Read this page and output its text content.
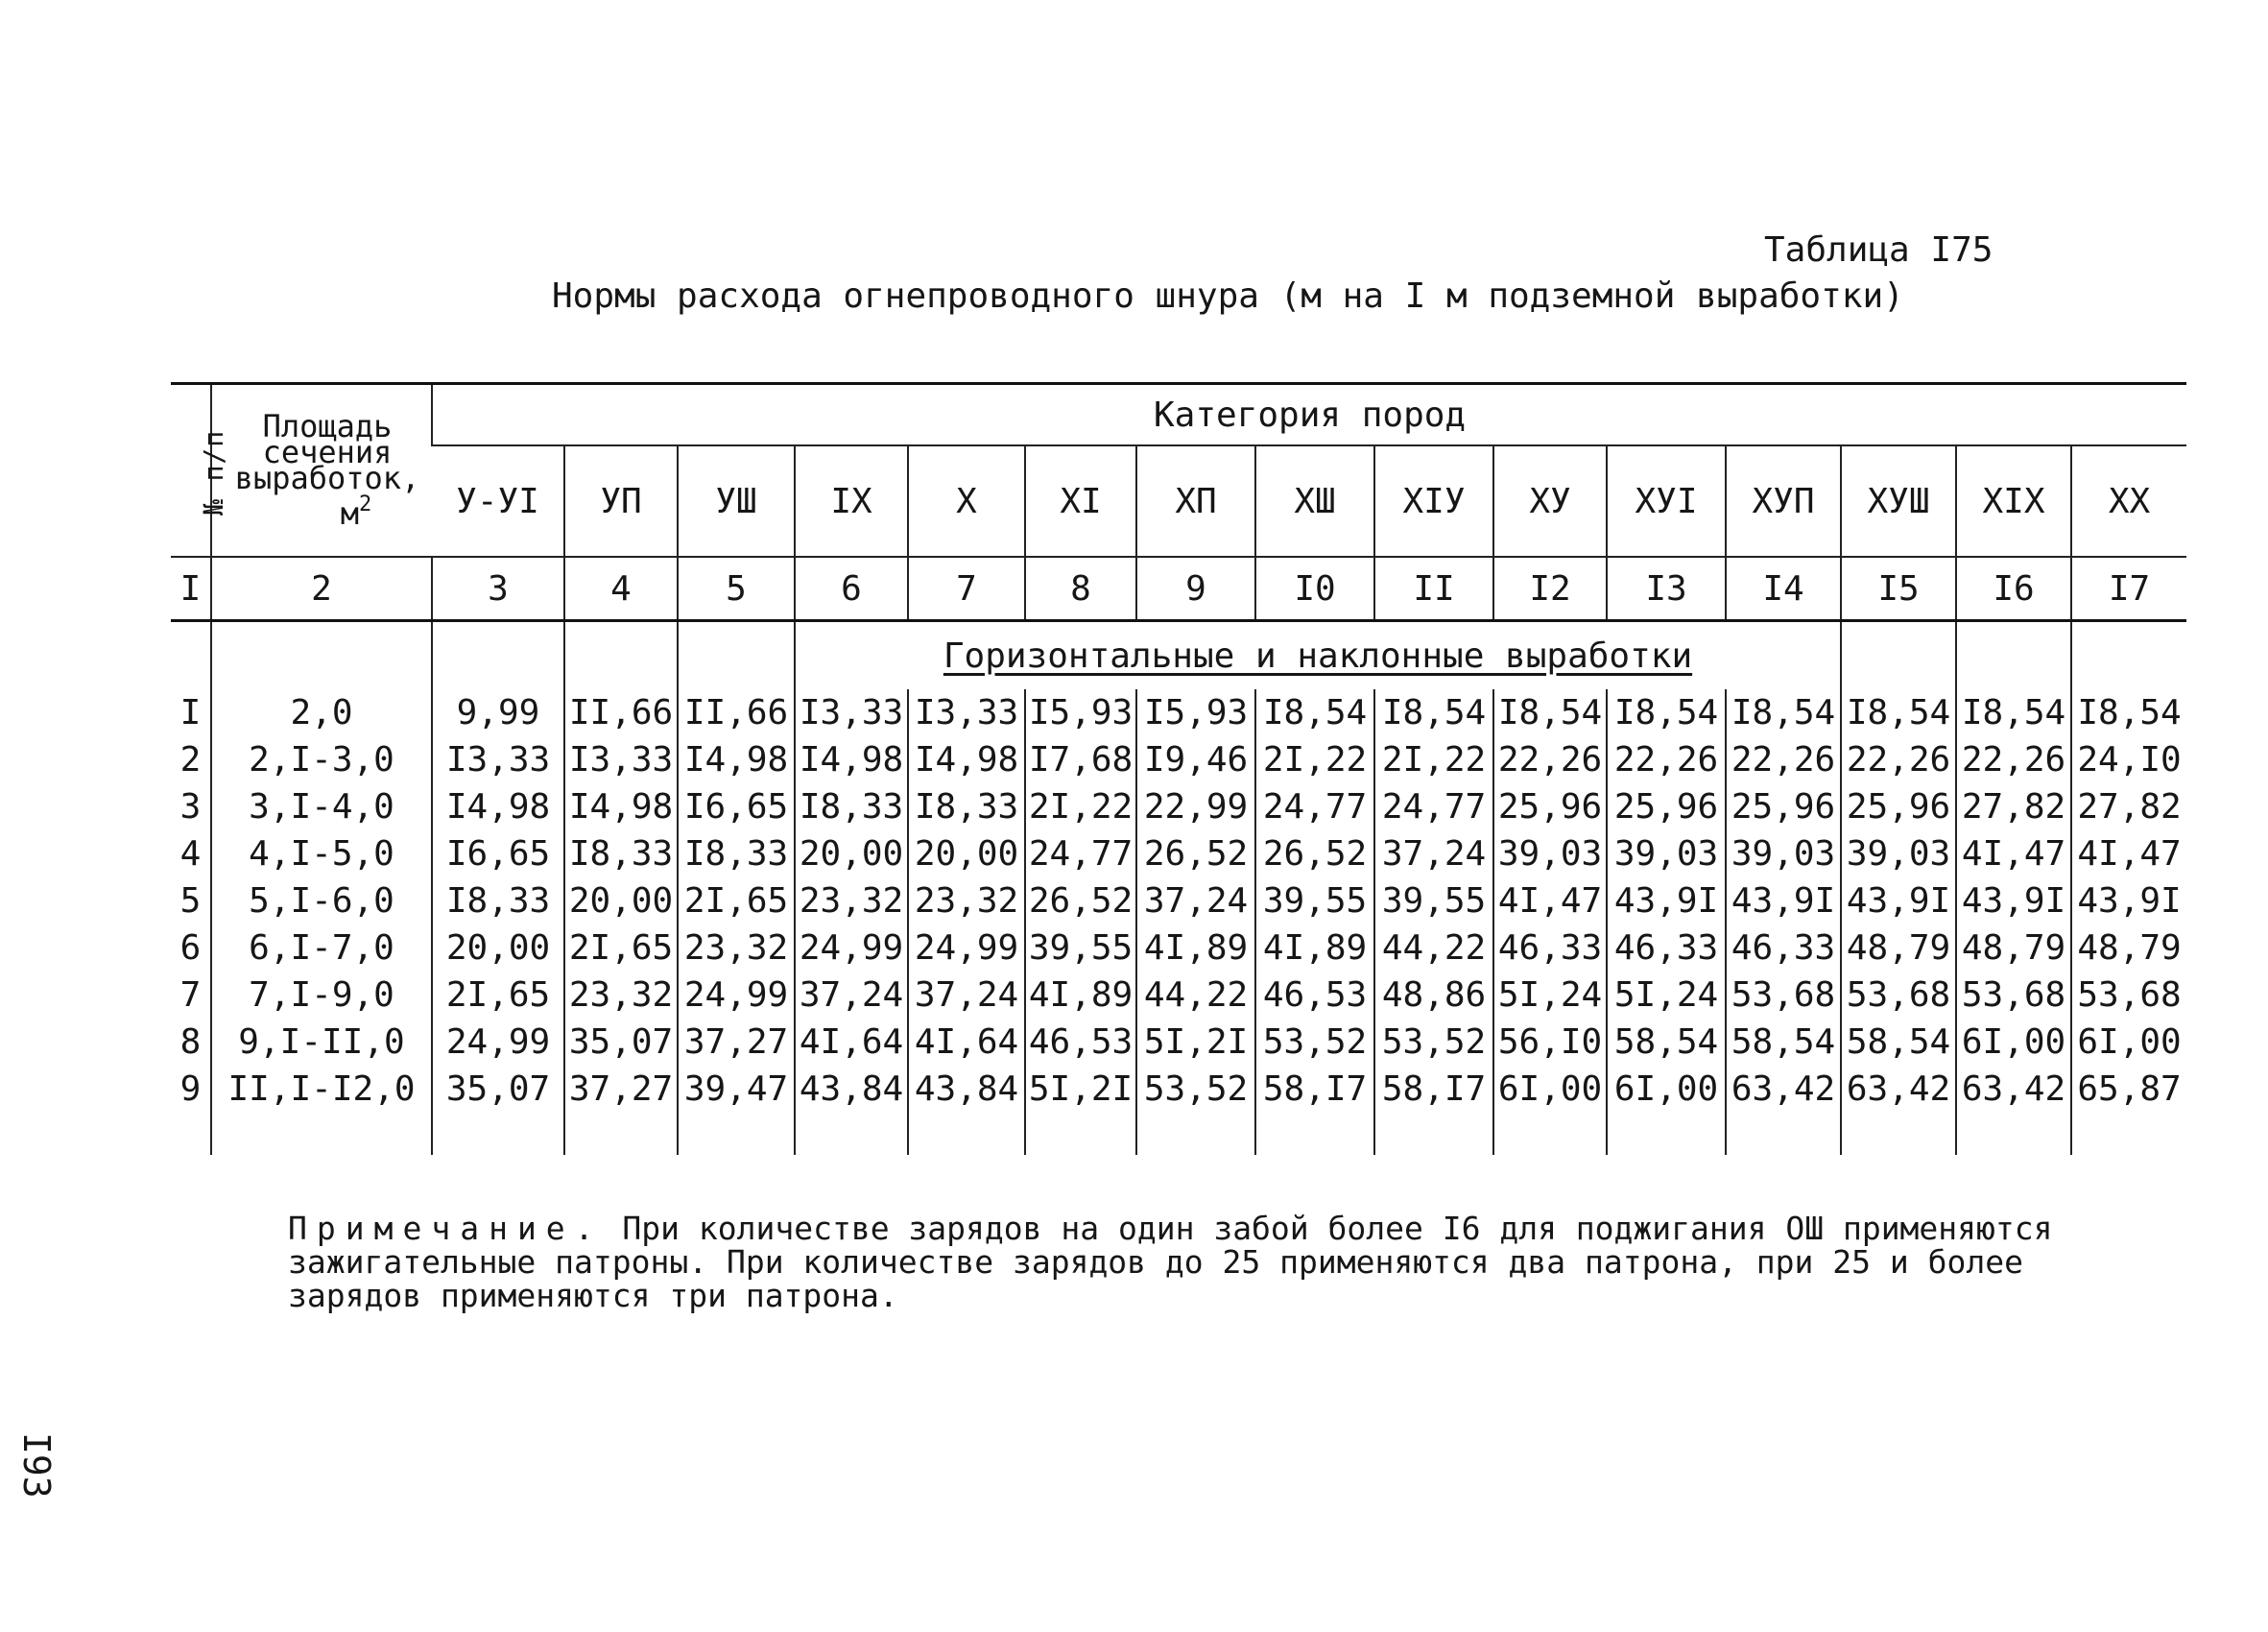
Таблица I75
Нормы расхода огнепроводного шнура (м на I м подземной выработки)
№ п/п	Площадь
сечения
выработок,
$м^2$	Категория пород														
		У-УI	УП	УШ	IX	X	XI	XП	XШ	XIУ	XУ	XУI	XУП	XУШ	XIX	XX
I	2	3	4	5	6	7	8	9	I0	II	I2	I3	I4	I5	I6	I7
					Горизонтальные и наклонные выработки											
I	2,0	9,99	II,66	II,66	I3,33	I3,33	I5,93	I5,93	I8,54	I8,54	I8,54	I8,54	I8,54	I8,54	I8,54	I8,54
2	2,I-3,0	I3,33	I3,33	I4,98	I4,98	I4,98	I7,68	I9,46	2I,22	2I,22	22,26	22,26	22,26	22,26	22,26	24,I0
3	3,I-4,0	I4,98	I4,98	I6,65	I8,33	I8,33	2I,22	22,99	24,77	24,77	25,96	25,96	25,96	25,96	27,82	27,82
4	4,I-5,0	I6,65	I8,33	I8,33	20,00	20,00	24,77	26,52	26,52	37,24	39,03	39,03	39,03	39,03	4I,47	4I,47
5	5,I-6,0	I8,33	20,00	2I,65	23,32	23,32	26,52	37,24	39,55	39,55	4I,47	43,9I	43,9I	43,9I	43,9I	43,9I
6	6,I-7,0	20,00	2I,65	23,32	24,99	24,99	39,55	4I,89	4I,89	44,22	46,33	46,33	46,33	48,79	48,79	48,79
7	7,I-9,0	2I,65	23,32	24,99	37,24	37,24	4I,89	44,22	46,53	48,86	5I,24	5I,24	53,68	53,68	53,68	53,68
8	9,I-II,0	24,99	35,07	37,27	4I,64	4I,64	46,53	5I,2I	53,52	53,52	56,I0	58,54	58,54	58,54	6I,00	6I,00
9	II,I-I2,0	35,07	37,27	39,47	43,84	43,84	5I,2I	53,52	58,I7	58,I7	6I,00	6I,00	63,42	63,42	63,42	65,87

Примечание. При количестве зарядов на один забой более I6 для поджигания ОШ применяются зажигательные патроны. При количестве зарядов до 25 применяются два патрона, при 25 и более зарядов применяются три патрона.
I93
